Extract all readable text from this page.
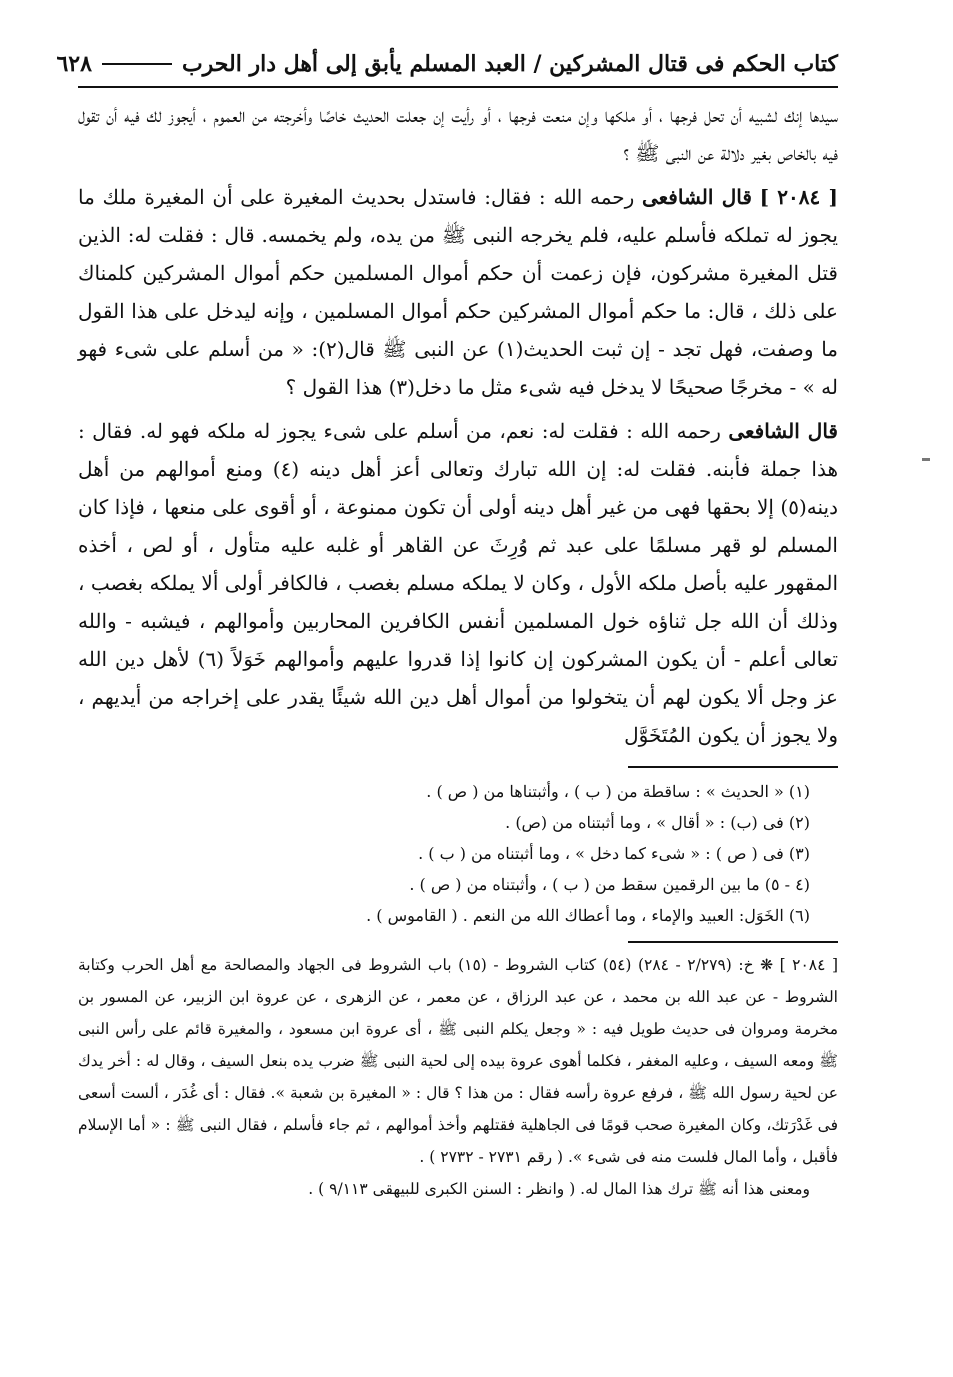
٦٢٨	كتاب الحكم فى قتال المشركين / العبد المسلم يأبق إلى أهل دار الحرب

سيدها إنك لشبيه أن تحل فرجها ، أو ملكها وإن منعت فرجها ، أو رأيت إن جعلت الحديث خاصًا وأخرجته من العموم ، أيجوز لك فيه أن تقول فيه بالخاص بغير دلالة عن النبى ﷺ ؟

[ ٢٠٨٤ ] قال الشافعى رحمه الله : فقال: فاستدل بحديث المغيرة على أن المغيرة ملك ما يجوز له تملكه فأسلم عليه، فلم يخرجه النبى ﷺ من يده، ولم يخمسه. قال : فقلت له: الذين قتل المغيرة مشركون، فإن زعمت أن حكم أموال المسلمين حكم أموال المشركين كلمناك على ذلك ، قال: ما حكم أموال المشركين حكم أموال المسلمين ، وإنه ليدخل على هذا القول ما وصفت، فهل تجد - إن ثبت الحديث(١) عن النبى ﷺ قال(٢): « من أسلم على شىء فهو له » - مخرجًا صحيحًا لا يدخل فيه شىء مثل ما دخل(٣) هذا القول ؟

قال الشافعى رحمه الله : فقلت له: نعم، من أسلم على شىء يجوز له ملكه فهو له. فقال : هذا جملة فأبنه. فقلت له: إن الله تبارك وتعالى أعز أهل دينه (٤) ومنع أموالهم من أهل دينه(٥) إلا بحقها فهى من غير أهل دينه أولى أن تكون ممنوعة ، أو أقوى على منعها ، فإذا كان المسلم لو قهر مسلمًا على عبد ثم وُرِثَ عن القاهر أو غلبه عليه متأول ، أو لص ، أخذه المقهور عليه بأصل ملكه الأول ، وكان لا يملكه مسلم بغصب ، فالكافر أولى ألا يملكه بغصب ، وذلك أن الله جل ثناؤه خول المسلمين أنفس الكافرين المحاربين وأموالهم ، فيشبه - والله تعالى أعلم - أن يكون المشركون إن كانوا إذا قدروا عليهم وأموالهم خَوَلاً (٦) لأهل دين الله عز وجل ألا يكون لهم أن يتخولوا من أموال أهل دين الله شيئًا يقدر على إخراجه من أيديهم ، ولا يجوز أن يكون المُتَخَوَّل

(١) « الحديث » : ساقطة من ( ب ) ، وأثبتناها من ( ص ) .

(٢) فى (ب) : « أقال » ، وما أثبتناه من (ص) .

(٣) فى ( ص ) : « شىء كما دخل » ، وما أثبتناه من ( ب ) .

(٤ - ٥) ما بين الرقمين سقط من ( ب ) ، وأثبتناه من ( ص ) .

(٦) الخَوَل: العبيد والإماء ، وما أعطاك الله من النعم . ( القاموس ) .

[ ٢٠٨٤ ] ❋ خ: (٢/٢٧٩ - ٢٨٤) (٥٤) كتاب الشروط - (١٥) باب الشروط فى الجهاد والمصالحة مع أهل الحرب وكتابة الشروط - عن عبد الله بن محمد ، عن عبد الرزاق ، عن معمر ، عن الزهرى ، عن عروة ابن الزبير، عن المسور بن مخرمة ومروان فى حديث طويل فيه : « وجعل يكلم النبى ﷺ ، أى عروة ابن مسعود ، والمغيرة قائم على رأس النبى ﷺ ومعه السيف ، وعليه المغفر ، فكلما أهوى عروة بيده إلى لحية النبى ﷺ ضرب يده بنعل السيف ، وقال له : أخر يدك عن لحية رسول الله ﷺ ، فرفع عروة رأسه فقال : من هذا ؟ قال : « المغيرة بن شعبة ». فقال : أى غُدَر ، ألست أسعى فى غَدْرَتك، وكان المغيرة صحب قومًا فى الجاهلية فقتلهم وأخذ أموالهم ، ثم جاء فأسلم ، فقال النبى ﷺ : « أما الإسلام فأقبل ، وأما المال فلست منه فى شىء ». ( رقم ٢٧٣١ - ٢٧٣٢ ) .

ومعنى هذا أنه ﷺ ترك هذا المال له. ( وانظر : السنن الكبرى للبيهقى ٩/١١٣ ) .
